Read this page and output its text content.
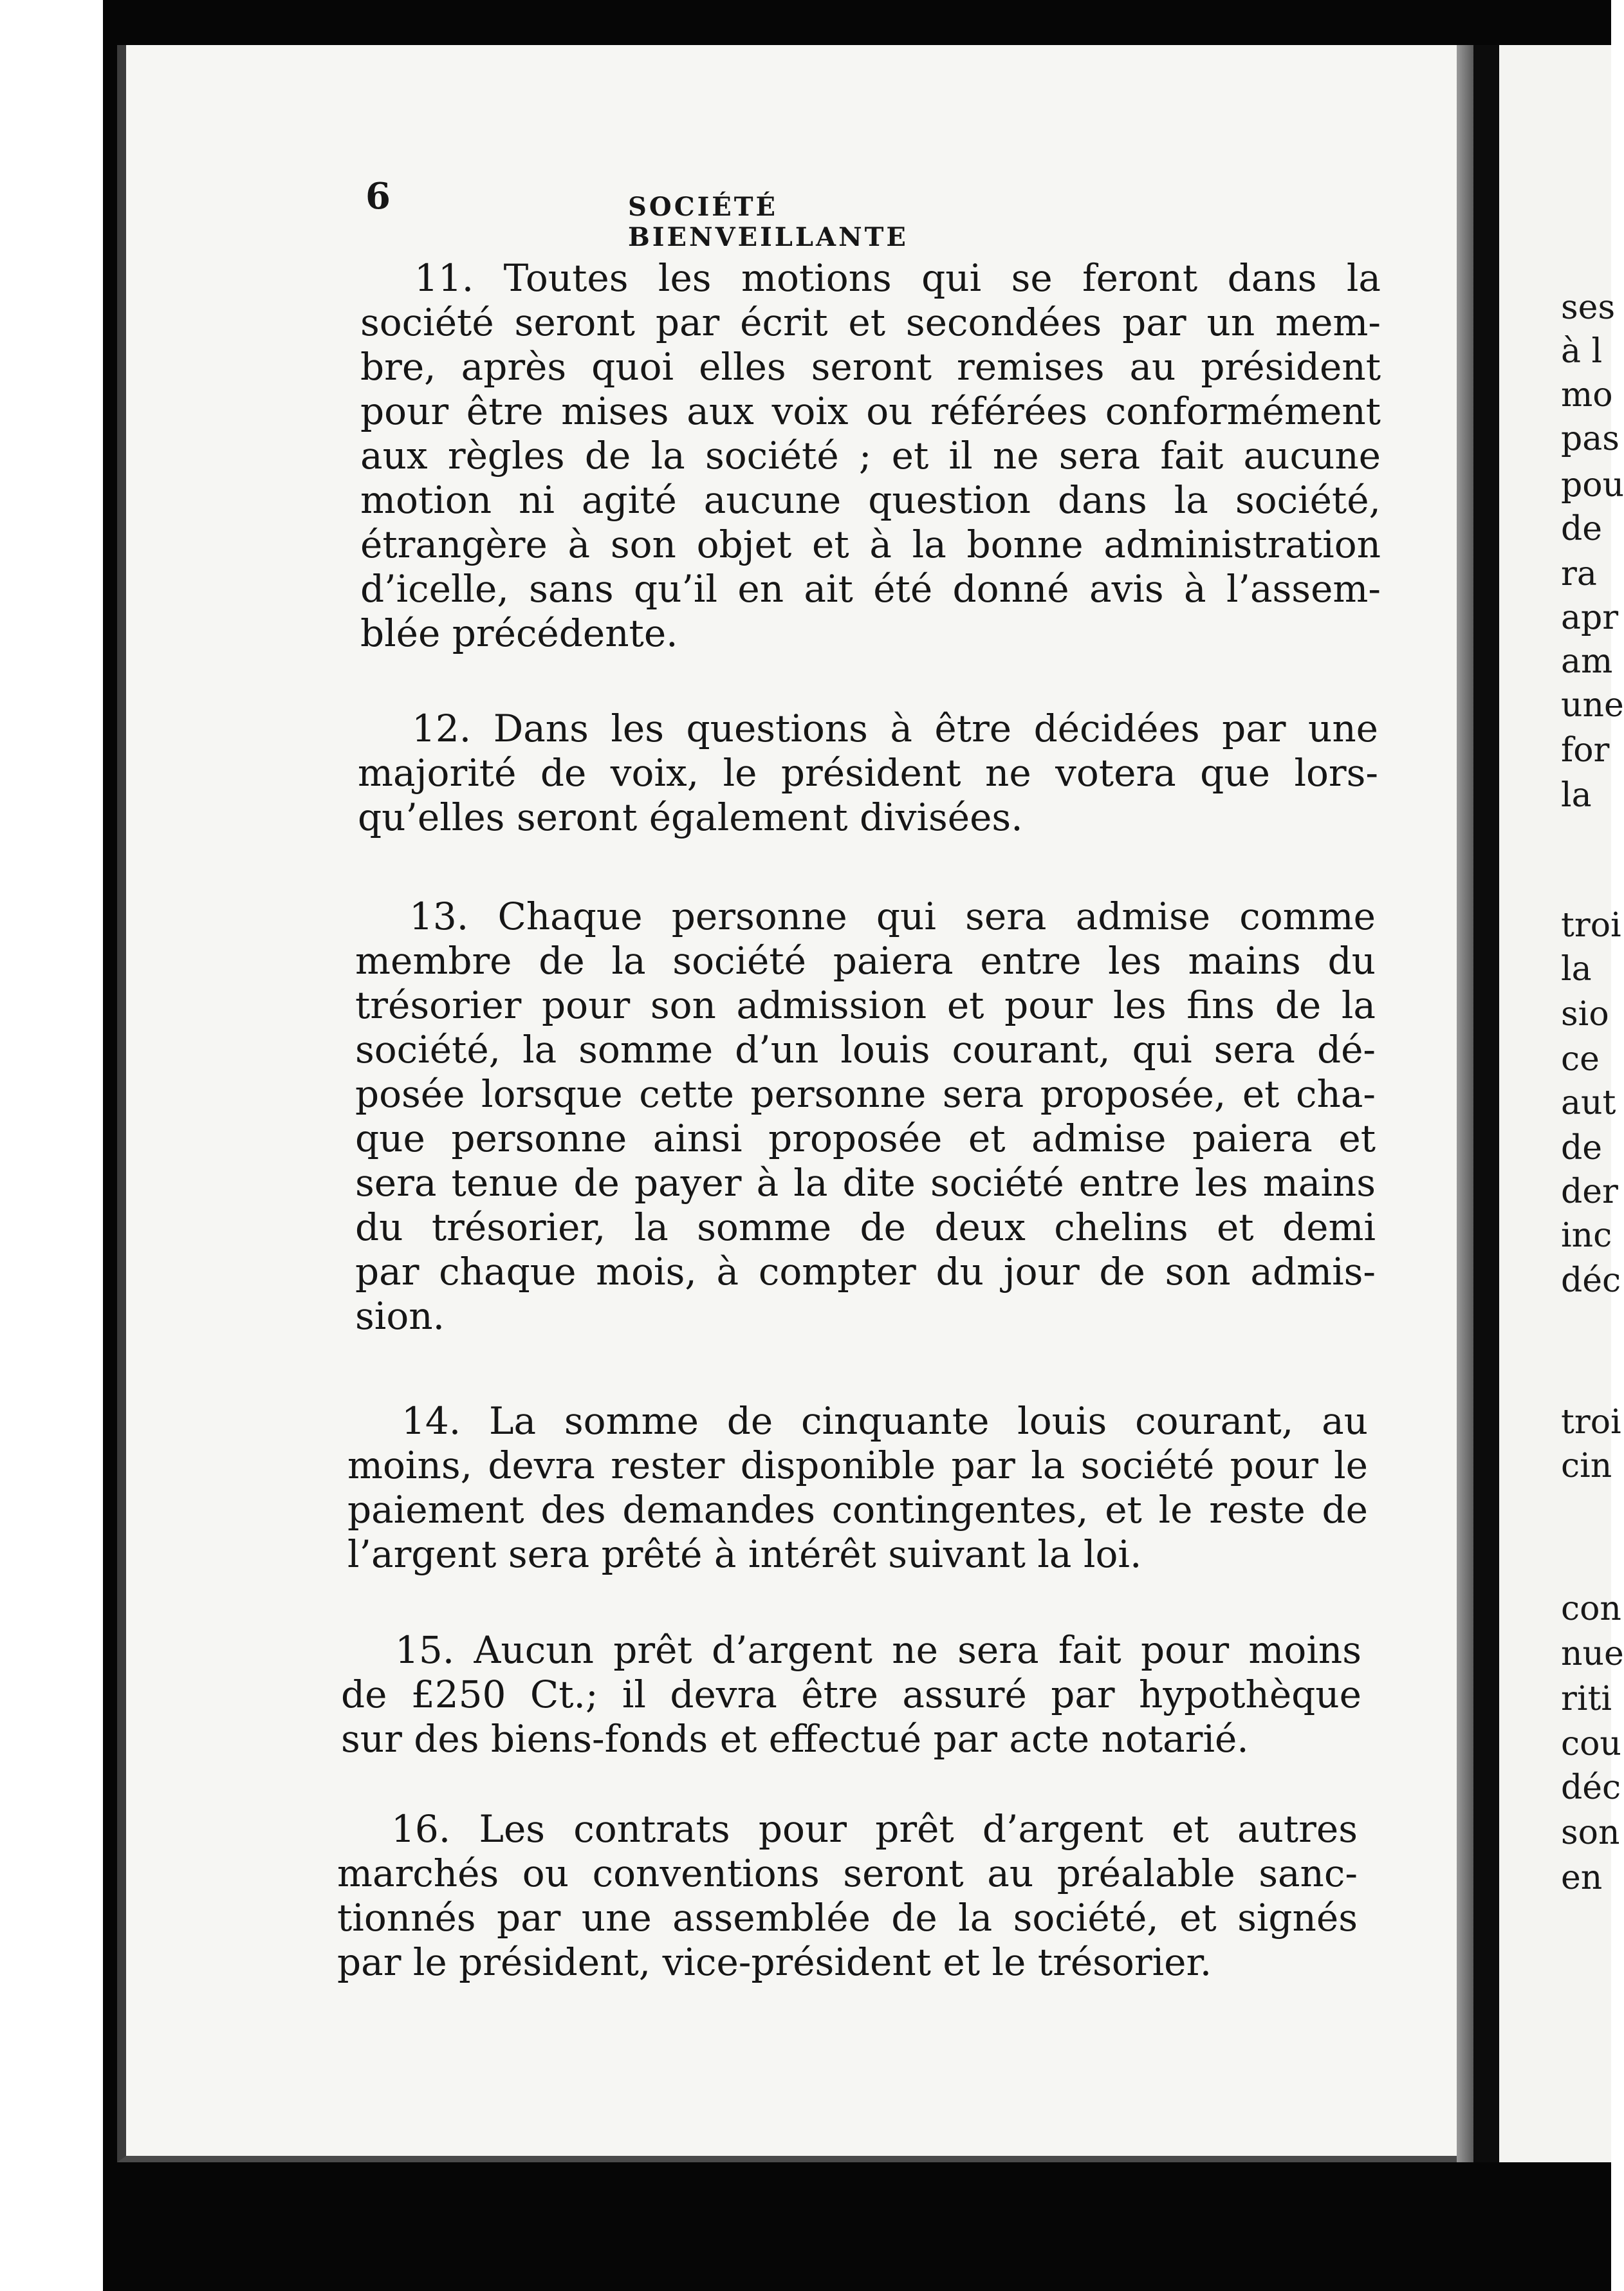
ses
à l
mo
pas
pou
de
ra
apr
am
une
for
la
troi
la
sio
ce
aut
de
der
inc
déc
troi
cin
con
nue
riti
cou
déc
son
en
6	SOCIÉTÉ BIENVEILLANTE
11. Toutes les motions qui se feront dans la
société seront par écrit et secondées par un mem-
bre, après quoi elles seront remises au président
pour être mises aux voix ou référées conformément
aux règles de la société ; et il ne sera fait aucune
motion ni agité aucune question dans la société,
étrangère à son objet et à la bonne administration
d’icelle, sans qu’il en ait été donné avis à l’assem-
blée précédente.
12. Dans les questions à être décidées par une
majorité de voix, le président ne votera que lors-
qu’elles seront également divisées.
13. Chaque personne qui sera admise comme
membre de la société paiera entre les mains du
trésorier pour son admission et pour les fins de la
société, la somme d’un louis courant, qui sera dé-
posée lorsque cette personne sera proposée, et cha-
que personne ainsi proposée et admise paiera et
sera tenue de payer à la dite société entre les mains
du trésorier, la somme de deux chelins et demi
par chaque mois, à compter du jour de son admis-
sion.
14. La somme de cinquante louis courant, au
moins, devra rester disponible par la société pour le
paiement des demandes contingentes, et le reste de
l’argent sera prêté à intérêt suivant la loi.
15. Aucun prêt d’argent ne sera fait pour moins
de £250 Ct.; il devra être assuré par hypothèque
sur des biens-fonds et effectué par acte notarié.
16. Les contrats pour prêt d’argent et autres
marchés ou conventions seront au préalable sanc-
tionnés par une assemblée de la société, et signés
par le président, vice-président et le trésorier.
